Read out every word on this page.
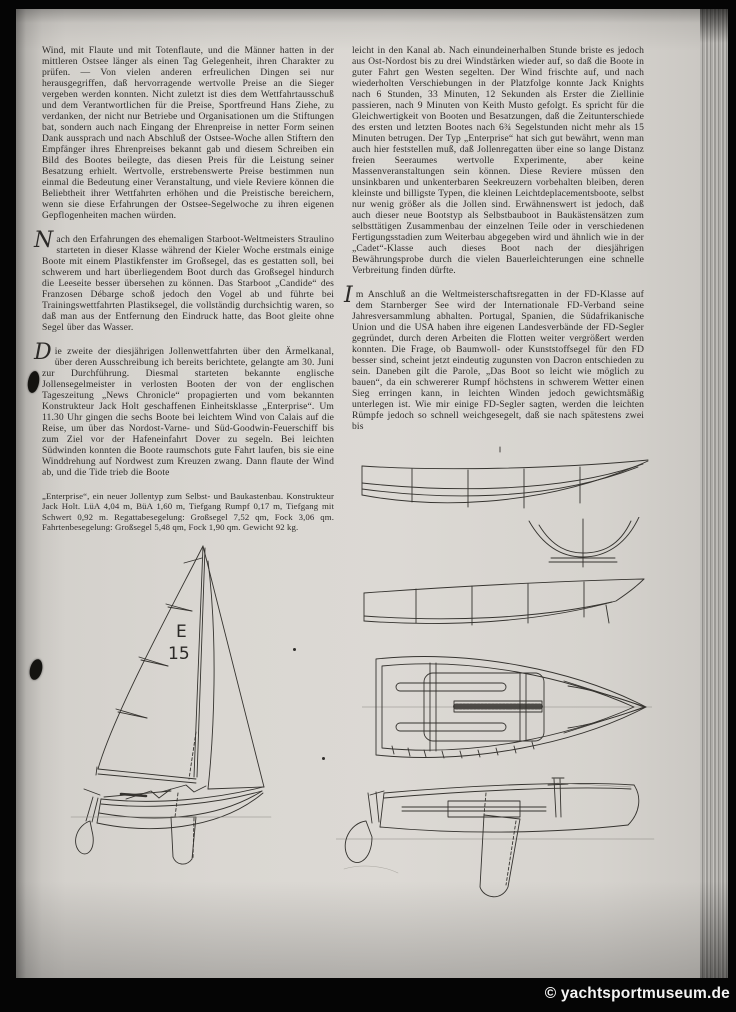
Wind, mit Flaute und mit Totenflaute, und die Männer hatten in der mittleren Ostsee länger als einen Tag Gelegenheit, ihren Charakter zu prüfen. — Von vielen anderen erfreulichen Dingen sei nur herausgegriffen, daß hervorragende wertvolle Preise an die Sieger vergeben werden konnten. Nicht zuletzt ist dies dem Wettfahrtausschuß und dem Verantwortlichen für die Preise, Sportfreund Hans Ziehe, zu verdanken, der nicht nur Betriebe und Organisationen um die Stiftungen bat, sondern auch nach Eingang der Ehrenpreise in netter Form seinen Dank aussprach und nach Abschluß der Ostsee-Woche allen Stiftern den Empfänger ihres Ehrenpreises bekannt gab und diesem Schreiben ein Bild des Bootes beilegte, das diesen Preis für die Leistung seiner Besatzung erhielt. Wertvolle, erstrebenswerte Preise bestimmen nun einmal die Bedeutung einer Veranstaltung, und viele Reviere können die Beliebtheit ihrer Wettfahrten erhöhen und die Preistische bereichern, wenn sie diese Erfahrungen der Ostsee-Segelwoche zu ihren eigenen Gepflogenheiten machen würden.

Nach den Erfahrungen des ehemaligen Starboot-Weltmeisters Straulino starteten in dieser Klasse während der Kieler Woche erstmals einige Boote mit einem Plastikfenster im Großsegel, das es gestatten soll, bei schwerem und hart überliegendem Boot durch das Großsegel hindurch die Leeseite besser übersehen zu können. Das Starboot „Candide“ des Franzosen Débarge schoß jedoch den Vogel ab und führte bei Trainingswettfahrten Plastiksegel, die vollständig durchsichtig waren, so daß man aus der Entfernung den Eindruck hatte, das Boot gleite ohne Segel über das Wasser.

Die zweite der diesjährigen Jollenwettfahrten über den Ärmelkanal, über deren Ausschreibung ich bereits berichtete, gelangte am 30. Juni zur Durchführung. Diesmal starteten bekannte englische Jollensegelmeister in verlosten Booten der von der englischen Tageszeitung „News Chronicle“ propagierten und vom bekannten Konstrukteur Jack Holt geschaffenen Einheitsklasse „Enterprise“. Um 11.30 Uhr gingen die sechs Boote bei leichtem Wind von Calais auf die Reise, um über das Nordost-Varne- und Süd-Goodwin-Feuerschiff bis zum Ziel vor der Hafeneinfahrt Dover zu segeln. Bei leichten Südwinden konnten die Boote raumschots gute Fahrt laufen, bis sie eine Winddrehung auf Nordwest zum Kreuzen zwang. Dann flaute der Wind ab, und die Tide trieb die Boote

„Enterprise“, ein neuer Jollentyp zum Selbst- und Baukastenbau. Konstrukteur Jack Holt. LüA 4,04 m, BüA 1,60 m, Tiefgang Rumpf 0,17 m, Tiefgang mit Schwert 0,92 m. Regattabesegelung: Großsegel 7,52 qm, Fock 3,06 qm. Fahrtenbesegelung: Großsegel 5,48 qm, Fock 1,90 qm. Gewicht 92 kg.

E
15

leicht in den Kanal ab. Nach einundeinerhalben Stunde briste es jedoch aus Ost-Nordost bis zu drei Windstärken wieder auf, so daß die Boote in guter Fahrt gen Westen segelten. Der Wind frischte auf, und nach wiederholten Verschiebungen in der Platzfolge konnte Jack Knights nach 6 Stunden, 33 Minuten, 12 Sekunden als Erster die Ziellinie passieren, nach 9 Minuten von Keith Musto gefolgt. Es spricht für die Gleichwertigkeit von Booten und Besatzungen, daß die Zeitunterschiede des ersten und letzten Bootes nach 6¾ Segelstunden nicht mehr als 15 Minuten betrugen. Der Typ „Enterprise“ hat sich gut bewährt, wenn man auch hier feststellen muß, daß Jollenregatten über eine so lange Distanz freien Seeraumes wertvolle Experimente, aber keine Massenveranstaltungen sein können. Diese Reviere müssen den unsinkbaren und unkenterbaren Seekreuzern vorbehalten bleiben, deren kleinste und billigste Typen, die kleinen Leichtdeplacementsboote, selbst nur wenig größer als die Jollen sind. Erwähnenswert ist jedoch, daß auch dieser neue Bootstyp als Selbstbauboot in Baukästensätzen zum selbsttätigen Zusammenbau der einzelnen Teile oder in verschiedenen Fertigungsstadien zum Weiterbau abgegeben wird und ähnlich wie in der „Cadet“-Klasse auch dieses Boot nach der diesjährigen Bewährungsprobe durch die vielen Bauerleichterungen eine schnelle Verbreitung finden dürfte.

Im Anschluß an die Weltmeisterschaftsregatten in der FD-Klasse auf dem Starnberger See wird der Internationale FD-Verband seine Jahresversammlung abhalten. Portugal, Spanien, die Südafrikanische Union und die USA haben ihre eigenen Landesverbände der FD-Segler gegründet, durch deren Arbeiten die Flotten weiter vergrößert werden konnten. Die Frage, ob Baumwoll- oder Kunststoffsegel für den FD besser sind, scheint jetzt eindeutig zugunsten von Dacron entschieden zu sein. Daneben gilt die Parole, „Das Boot so leicht wie möglich zu bauen“, da ein schwererer Rumpf höchstens in schwerem Wetter einen Sieg erringen kann, in leichten Winden jedoch gewichtsmäßig unterlegen ist. Wie mir einige FD-Segler sagten, werden die leichten Rümpfe jedoch so schnell weichgesegelt, daß sie nach spätestens zwei bis

© yachtsportmuseum.de
